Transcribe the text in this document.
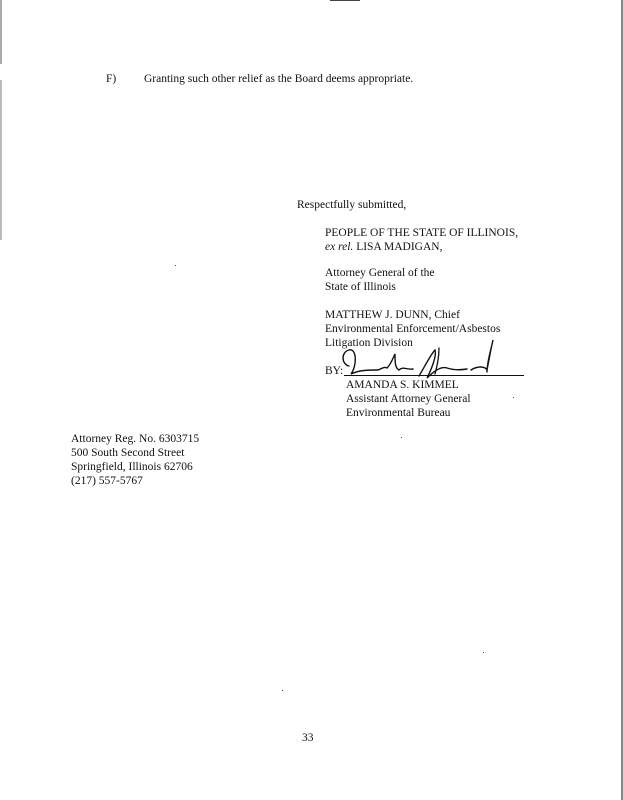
F) Granting such other relief as the Board deems appropriate.
Respectfully submitted,
PEOPLE OF THE STATE OF ILLINOIS,
ex rel. LISA MADIGAN,
Attorney General of the
State of Illinois
MATTHEW J. DUNN, Chief
Environmental Enforcement/Asbestos
Litigation Division
BY:
AMANDA S. KIMMEL
Assistant Attorney General
Environmental Bureau
Attorney Reg. No. 6303715
500 South Second Street
Springfield, Illinois 62706
(217) 557-5767
33
